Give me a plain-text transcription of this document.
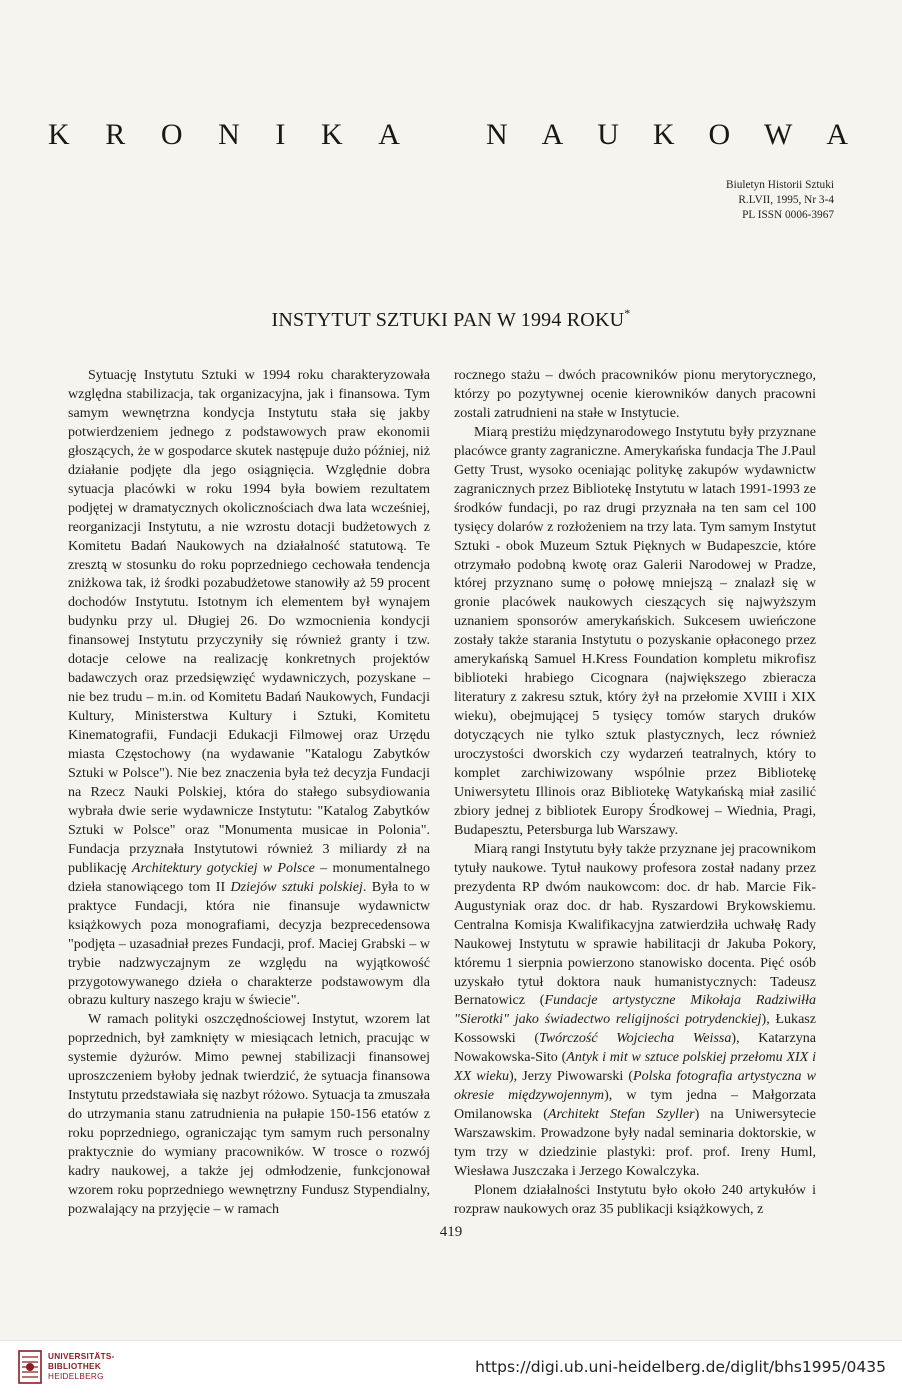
K R O N I K A	N A U K O W A
Biuletyn Historii Sztuki
R.LVII, 1995, Nr 3-4
PL ISSN 0006-3967
INSTYTUT SZTUKI PAN W 1994 ROKU*

Sytuację Instytutu Sztuki w 1994 roku charakteryzowała względna stabilizacja, tak organizacyjna, jak i finansowa. Tym samym wewnętrzna kondycja Instytutu stała się jakby potwierdzeniem jednego z podstawowych praw ekonomii głoszących, że w gospodarce skutek następuje dużo później, niż działanie podjęte dla jego osiągnięcia. Względnie dobra sytuacja placówki w roku 1994 była bowiem rezultatem podjętej w dramatycznych okolicznościach dwa lata wcześniej, reorganizacji Instytutu, a nie wzrostu dotacji budżetowych z Komitetu Badań Naukowych na działalność statutową. Te zresztą w stosunku do roku poprzedniego cechowała tendencja zniżkowa tak, iż środki pozabudżetowe stanowiły aż 59 procent dochodów Instytutu. Istotnym ich elementem był wynajem budynku przy ul. Długiej 26. Do wzmocnienia kondycji finansowej Instytutu przyczyniły się również granty i tzw. dotacje celowe na realizację konkretnych projektów badawczych oraz przedsięwzięć wydawniczych, pozyskane – nie bez trudu – m.in. od Komitetu Badań Naukowych, Fundacji Kultury, Ministerstwa Kultury i Sztuki, Komitetu Kinematografii, Fundacji Edukacji Filmowej oraz Urzędu miasta Częstochowy (na wydawanie "Katalogu Zabytków Sztuki w Polsce"). Nie bez znaczenia była też decyzja Fundacji na Rzecz Nauki Polskiej, która do stałego subsydiowania wybrała dwie serie wydawnicze Instytutu: "Katalog Zabytków Sztuki w Polsce" oraz "Monumenta musicae in Polonia". Fundacja przyznała Instytutowi również 3 miliardy zł na publikację Architektury gotyckiej w Polsce – monumentalnego dzieła stanowiącego tom II Dziejów sztuki polskiej. Była to w praktyce Fundacji, która nie finansuje wydawnictw książkowych poza monografiami, decyzja bezprecedensowa "podjęta – uzasadniał prezes Fundacji, prof. Maciej Grabski – w trybie nadzwyczajnym ze względu na wyjątkowość przygotowywanego dzieła o charakterze podstawowym dla obrazu kultury naszego kraju w świecie".

W ramach polityki oszczędnościowej Instytut, wzorem lat poprzednich, był zamknięty w miesiącach letnich, pracując w systemie dyżurów. Mimo pewnej stabilizacji finansowej uproszczeniem byłoby jednak twierdzić, że sytuacja finansowa Instytutu przedstawiała się nazbyt różowo. Sytuacja ta zmuszała do utrzymania stanu zatrudnienia na pułapie 150-156 etatów z roku poprzedniego, ograniczając tym samym ruch personalny praktycznie do wymiany pracowników. W trosce o rozwój kadry naukowej, a także jej odmłodzenie, funkcjonował wzorem roku poprzedniego wewnętrzny Fundusz Stypendialny, pozwalający na przyjęcie – w ramach

rocznego stażu – dwóch pracowników pionu merytorycznego, którzy po pozytywnej ocenie kierowników danych pracowni zostali zatrudnieni na stałe w Instytucie.

Miarą prestiżu międzynarodowego Instytutu były przyznane placówce granty zagraniczne. Amerykańska fundacja The J.Paul Getty Trust, wysoko oceniając politykę zakupów wydawnictw zagranicznych przez Bibliotekę Instytutu w latach 1991-1993 ze środków fundacji, po raz drugi przyznała na ten sam cel 100 tysięcy dolarów z rozłożeniem na trzy lata. Tym samym Instytut Sztuki - obok Muzeum Sztuk Pięknych w Budapeszcie, które otrzymało podobną kwotę oraz Galerii Narodowej w Pradze, której przyznano sumę o połowę mniejszą – znalazł się w gronie placówek naukowych cieszących się najwyższym uznaniem sponsorów amerykańskich. Sukcesem uwieńczone zostały także starania Instytutu o pozyskanie opłaconego przez amerykańską Samuel H.Kress Foundation kompletu mikrofisz biblioteki hrabiego Cicognara (największego zbieracza literatury z zakresu sztuk, który żył na przełomie XVIII i XIX wieku), obejmującej 5 tysięcy tomów starych druków dotyczących nie tylko sztuk plastycznych, lecz również uroczystości dworskich czy wydarzeń teatralnych, który to komplet zarchiwizowany wspólnie przez Bibliotekę Uniwersytetu Illinois oraz Bibliotekę Watykańską miał zasilić zbiory jednej z bibliotek Europy Środkowej – Wiednia, Pragi, Budapesztu, Petersburga lub Warszawy.

Miarą rangi Instytutu były także przyznane jej pracownikom tytuły naukowe. Tytuł naukowy profesora został nadany przez prezydenta RP dwóm naukowcom: doc. dr hab. Marcie Fik-Augustyniak oraz doc. dr hab. Ryszardowi Brykowskiemu. Centralna Komisja Kwalifikacyjna zatwierdziła uchwałę Rady Naukowej Instytutu w sprawie habilitacji dr Jakuba Pokory, któremu 1 sierpnia powierzono stanowisko docenta. Pięć osób uzyskało tytuł doktora nauk humanistycznych: Tadeusz Bernatowicz (Fundacje artystyczne Mikołaja Radziwiłła "Sierotki" jako świadectwo religijności potrydenckiej), Łukasz Kossowski (Twórczość Wojciecha Weissa), Katarzyna Nowakowska-Sito (Antyk i mit w sztuce polskiej przełomu XIX i XX wieku), Jerzy Piwowarski (Polska fotografia artystyczna w okresie międzywojennym), w tym jedna – Małgorzata Omilanowska (Architekt Stefan Szyller) na Uniwersytecie Warszawskim. Prowadzone były nadal seminaria doktorskie, w tym trzy w dziedzinie plastyki: prof. prof. Ireny Huml, Wiesława Juszczaka i Jerzego Kowalczyka.

Plonem działalności Instytutu było około 240 artykułów i rozpraw naukowych oraz 35 publikacji książkowych, z

419
UNIVERSITÄTS-
BIBLIOTHEK
HEIDELBERG
https://digi.ub.uni-heidelberg.de/diglit/bhs1995/0435
